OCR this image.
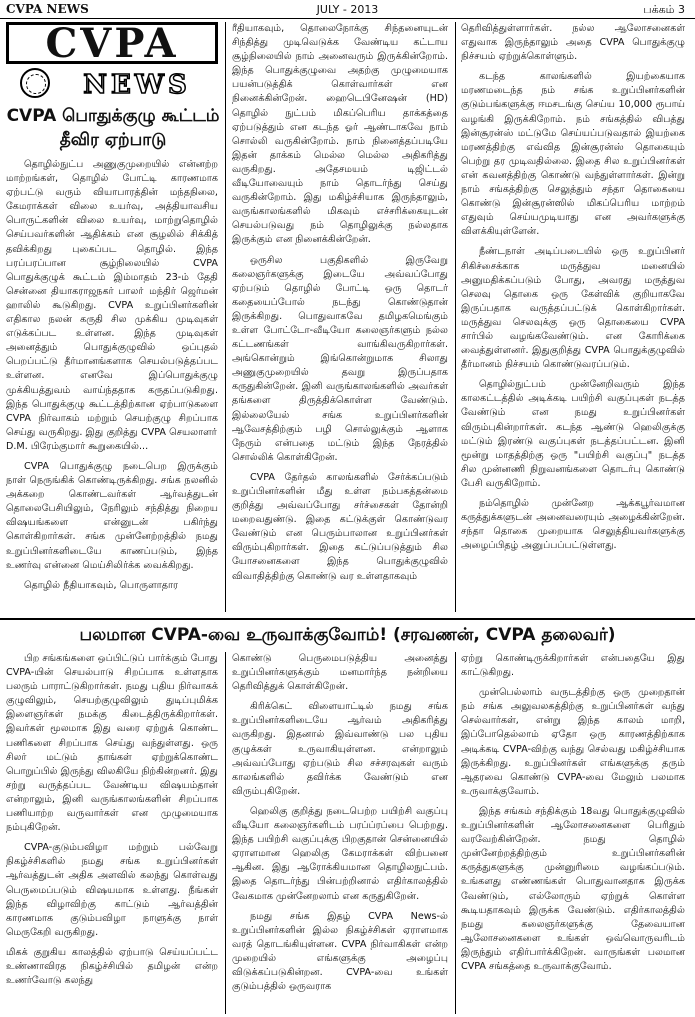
CVPA NEWS	JULY - 2013	பக்கம் 3
CVPA
NEWS
CVPA பொதுக்குழு கூட்டம் தீவிர ஏற்பாடு

தொழில்நுட்ப அணுகுமுறையில் என்னற்ற மாற்றங்கள், தொழில் போட்டி காரணமாக ஏற்பட்டு வரும் வியாபாரத்தின் மந்தநிலை, கேமராக்கள் விலை உயர்வு, அத்தியாவசிய பொருட்களின் விலை உயர்வு, மாற்றுதொழில் செய்பவர்களின் ஆதிக்கம் என சூழலில் சிக்கித் தவிக்கிறது புகைப்பட தொழில். இந்த பரப்பரப்பான சூழ்நிலையில் CVPA பொதுக்குழுக் கூட்டம் இம்மாதம் 23-ம் தேதி சென்னை தியாகராஜநகர் பாலா் மந்திர் ஜெர்மன் ஹாலில் கூடுகிறது. CVPA உறுப்பினர்களின் எதிகால நலன் கருதி சில முக்கிய முடிவுகள் எடுக்கப்பட உள்ளன. இந்த முடிவுகள் அனைத்தும் பொதுக்குழுவில் ஒப்புதல் பெறப்பட்டு தீர்மானங்களாக செயல்படுத்தப்பட உள்ளன. எனவே இப்பொதுக்குழு முக்கியத்துவம் வாய்ந்ததாக கருதப்படுகிறது. இந்த பொதுக்குழு கூட்டத்திற்கான ஏற்பாடுகளை CVPA நிர்வாகம் மற்றும் செயற்குழு சிறப்பாக செய்து வருகிறது. இது குறித்து CVPA செயலாளா் D.M. பிரேம்குமார் கூறுகையில்...

CVPA பொதுக்குழு நடைபெற இருக்கும் நாள் நெருங்கிக் கொண்டிருக்கிறது. சங்க நலனில் அக்கறை கொண்டவர்கள் ஆர்வத்துடன் தொலைபேசியிலும், நேரிலும் சந்தித்து நிறைய விஷயங்களை என்னுடன் பகிர்ந்து கொள்கிறார்கள். சங்க முன்னேற்றத்தில் நமது உறுப்பினர்களிடையே காணப்படும், இந்த உணர்வு என்னை மெய்சிலிர்க்க வைக்கிறது.

தொழில் நீதியாகவும், பொருளாதார

ரீதியாகவும், தொலைநோக்கு சிந்தனையுடன் சிந்தித்து முடிவெடுக்க வேண்டிய கட்டாய சூழ்நிலையில் நாம் அனைவரும் இருக்கின்றோம். இந்த பொதுக்குழுவை அதற்கு முழுமையாக பயன்படுத்திக் கொள்வார்கள் என நினைக்கின்றேன். ஹைடெபினேஷன் (HD) தொழில் நுட்பம் மிகப்பெரிய தாக்கத்தை ஏற்படுத்தும் என கடந்த ஓர் ஆண்டாகவே நாம் சொல்லி வருகின்றோம். நாம் நினைத்தப்படியே இதன் தாக்கம் மெல்ல மெல்ல அதிகரித்து வருகிறது. அதேசமயம் டிஜிட்டல் வீடியோவையும் நாம் தொடர்ந்து செய்து வருகின்றோம். இது மகிழ்ச்சியாக இருந்தாலும், வருங்காலங்களில் மிகவும் எச்சரிக்கையுடன் செயல்படுவது நம் தொழிலுக்கு நல்லதாக இருக்கும் என நினைக்கின்றேன்.

ஒருசில பகுதிகளில் இருவேறு கலைஞர்களுக்கு இடையே அவ்வப்போது ஏற்படும் தொழில் போட்டி ஒரு தொடர் கதையைப்போல் நடந்து கொண்டுதான் இருக்கிறது. பொதுவாகவே தமிழகமெங்கும் உள்ள போட்டோ-வீடியோ கலைஞர்களும் நல்ல கட்டணங்கள் வாங்கிவருகிறார்கள். அங்கொன்றும் இங்கொன்றுமாக சிலாது அணுகுமுறையில் தவறு இருப்பதாக கருதுகின்றேன். இனி வருங்காலங்களில் அவர்கள் தங்களை திருத்திக்கொள்ள வேண்டும். இல்லையேல் சங்க உறுப்பினர்களின் ஆவேசத்திற்கும் பழி சொல்லுக்கும் ஆளாக நேரும் என்பதை மட்டும் இந்த நேரத்தில் சொல்லிக் கொள்கிறேன்.

CVPA தேர்தல் காலங்களில் சேர்க்கப்படும் உறுப்பினர்களின் மீது உள்ள நம்பகத்தன்மை குறித்து அவ்வப்போது சர்ச்சைகள் தோன்றி மறைவதுண்டு. இதை கட்டுக்குள் கொண்டுவர வேண்டும் என பெரும்பாலான உறுப்பினர்கள் விரும்புகிறார்கள். இதை கட்டுப்படுத்தும் சில யோசனைகளை இந்த பொதுக்குழுவில் விவாதித்திற்கு கொண்டு வர உள்ளதாகவும்

தெரிவித்துள்ளார்கள். நல்ல ஆலோசனைகள் எதுவாக இருந்தாலும் அதை CVPA பொதுக்குழு நிச்சயம் ஏற்றுக்கொள்ளும்.

கடந்த காலங்களில் இயற்கையாக மரணமடைந்த நம் சங்க உறுப்பினர்களின் குடும்பங்களுக்கு ஈமசடங்கு செய்ய 10,000 ரூபாய் வழங்கி இருக்கிறோம். நம் சங்கத்தில் விபத்து இன்சூரன்ஸ் மட்டுமே செய்யப்படுவதால் இயற்கை மரணத்திற்கு எவ்வித இன்சூரன்ஸ் தொகையும் பெற்று தர முடிவதில்லை. இதை சில உறுப்பினர்கள் என் கவனத்திற்கு கொண்டு வந்துள்ளார்கள். இன்று நாம் சங்கத்திற்கு செலுத்தும் சந்தா தொகையை கொண்டு இன்சூரன்ஸில் மிகப்பெரிய மாற்றம் எதுவும் செய்யமுடியாது என அவர்களுக்கு விளக்கியுள்ளேன்.

நீண்டநாள் அடிப்படையில் ஒரு உறுப்பினர் சிகிச்சைக்காக மருத்துவ மனையில் அனுமதிக்கப்படும் போது, அவரது மருத்துவ செலவு தொகை ஒரு கேள்விக் குறியாகவே இருப்பதாக வருத்தப்பட்டுக் கொள்கிறார்கள். மருத்துவ செலவுக்கு ஒரு தொகையை CVPA சார்பில் வழங்கவேண்டும். என கோரிக்கை வைத்துள்ளனர். இதுகுறித்து CVPA பொதுக்குழுவில் தீர்மானம் நிச்சயம் கொண்டுவரப்படும்.

தொழில்நுட்பம் முன்னேறிவரும் இந்த காலகட்டத்தில் அடிக்கடி பயிற்சி வகுப்புகள் நடத்த வேண்டும் என நமது உறுப்பினர்கள் விரும்புகின்றார்கள். கடந்த ஆண்டு ஹெலிகுக்கு மட்டும் இரண்டு வகுப்புகள் நடத்தப்பட்டன. இனி மூன்று மாதத்திற்கு ஒரு "பயிற்சி வகுப்பு" நடத்த சில முன்னணி நிறுவனங்களை தொடர்பு கொண்டு பேசி வருகிறோம்.

நம்தொழில் முன்னேற ஆக்கபூர்வமான கருத்துக்களுடன் அனைவரையும் அழைக்கின்றேன். சந்தா தொகை முறையாக செலுத்தியவர்களுக்கு அழைப்பிதழ் அனுப்பப்பட்டுள்ளது.

பலமான CVPA-வை உருவாக்குவோம்! (சரவணன், CVPA தலைவர்)

பிற சங்கங்களை ஒப்பிட்டுப் பார்க்கும் போது CVPA-யின் செயல்பாடு சிறப்பாக உள்ளதாக பலரும் பாராட்டுகிறார்கள். நமது புதிய நிர்வாகக் குழுவிலும், செயற்குழுவிலும் துடிப்புமிக்க இளைஞர்கள் நமக்கு கிடைத்திருக்கிறார்கள். இவர்கள் மூலமாக இது வரை ஏற்றுக் கொண்ட பணிகளை சிறப்பாக செய்து வந்துள்ளது. ஒரு சிலர் மட்டும் தாங்கள் ஏற்றுக்கொண்ட பொறுப்பில் இருந்து விலகியே நிற்கின்றனர். இது சற்று வருத்தப்பட வேண்டிய விஷயம்தான் என்றாலும், இனி வருங்காலங்களின் சிறப்பாக பணியாற்ற வருவார்கள் என முழுமையாக நம்புகிறேன்.

CVPA-குடும்பவிழா மற்றும் பல்வேறு நிகழ்ச்சிகளில் நமது சங்க உறுப்பினர்கள் ஆர்வத்துடன் அதிக அளவில் கலந்து கொள்வது பெருமைப்படும் விஷயமாக உள்ளது. நீங்கள் இந்த விழாவிற்கு காட்டும் ஆர்வத்தின் காரணமாக குடும்பவிழா நாளுக்கு நாள் மெருகேறி வருகிறது.

மிகக் குறுகிய காலத்தில் ஏற்பாடு செய்யப்பட்ட உண்ணாவிரத நிகழ்ச்சியில் தமிழன் என்ற உணர்வோடு கலந்து

கொண்டு பெருமைபடுத்திய அனைத்து உறுப்பினர்களுக்கும் மனமார்ந்த நன்றியை தெரிவித்துக் கொள்கிறேன்.

கிரிக்கெட் விளையாட்டில் நமது சங்க உறுப்பினர்களிடையே ஆர்வம் அதிகரித்து வருகிறது. இதனால் இவ்வாண்டு பல புதிய குழுக்கள் உருவாகியுள்ளன. என்றாலும் அவ்வப்போது ஏற்படும் சில சச்சரவுகள் வரும் காலங்களில் தவிர்க்க வேண்டும் என விரும்புகிறேன்.

ஹெலிகு குறித்து நடைபெற்ற பயிற்சி வகுப்பு வீடியோ கலைஞர்களிடம் பரப்ப்ரப்பை பெற்றது. இந்த பயிற்சி வகுப்புக்கு பிறகுதான் சென்னையில் ஏராளமான ஹெலிகு கேமராக்கள் விற்பனை ஆகின. இது ஆரோக்கியமான தொழிலநுட்பம். இதை தொடர்ந்து பின்பற்றினால் எதிர்காலத்தில் வேகமாக முன்னேறலாம் என கருதுகிறேன்.

நமது சங்க இதழ் CVPA News-ல் உறுப்பினர்களின் இல்ல நிகழ்ச்சிகள் ஏராளமாக வரத் தொடங்கியுள்ளன. CVPA நிர்வாகிகள் என்ற முறையில் எங்களுக்கு அழைப்பு விடுக்கப்படுகின்றன. CVPA-வை உங்கள் குடும்பத்தில் ஒருவராக

ஏற்று கொண்டிருக்கிறார்கள் என்பதையே இது காட்டுகிறது.

முன்பெல்லாம் வருடத்திற்கு ஒரு முறைதான் நம் சங்க அலுவலகத்திற்கு உறுப்பினர்கள் வந்து செல்வார்கள், என்று இந்த காலம் மாறி, இப்போதெல்லாம் ஏதோ ஒரு காரணத்திற்காக அடிக்கடி CVPA-விற்கு வந்து செல்வது மகிழ்ச்சியாக இருக்கிறது. உறுப்பினர்கள் எங்களுக்கு தரும் ஆதரவை கொண்டு CVPA-வை மேலும் பலமாக உருவாக்குவோம்.

இந்த சங்கம் சந்திக்கும் 18வது பொதுக்குழுவில் உறுப்பினர்களின் ஆலோசனைகளை பெரிதும் வரவேற்கின்றேன். நமது தொழில் முன்னேற்றத்திற்கும் உறுப்பினர்களின் கருத்துகளுக்கு முன்னுரிமை வழங்கப்படும். உங்களது எண்ணங்கள் பொதுவானதாக இருக்க வேண்டும், எல்லோரும் ஏற்றுக் கொள்ள கூடியதாகவும் இருக்க வேண்டும். எதிர்காலத்தில் நமது கலைஞர்களுக்கு தேவையான ஆலோசனைகளை உங்கள் ஒவ்வொருவரிடம் இருந்தும் எதிர்பார்க்கிறேன். வாருங்கள் பலமான CVPA சங்கத்தை உருவாக்குவோம்.
